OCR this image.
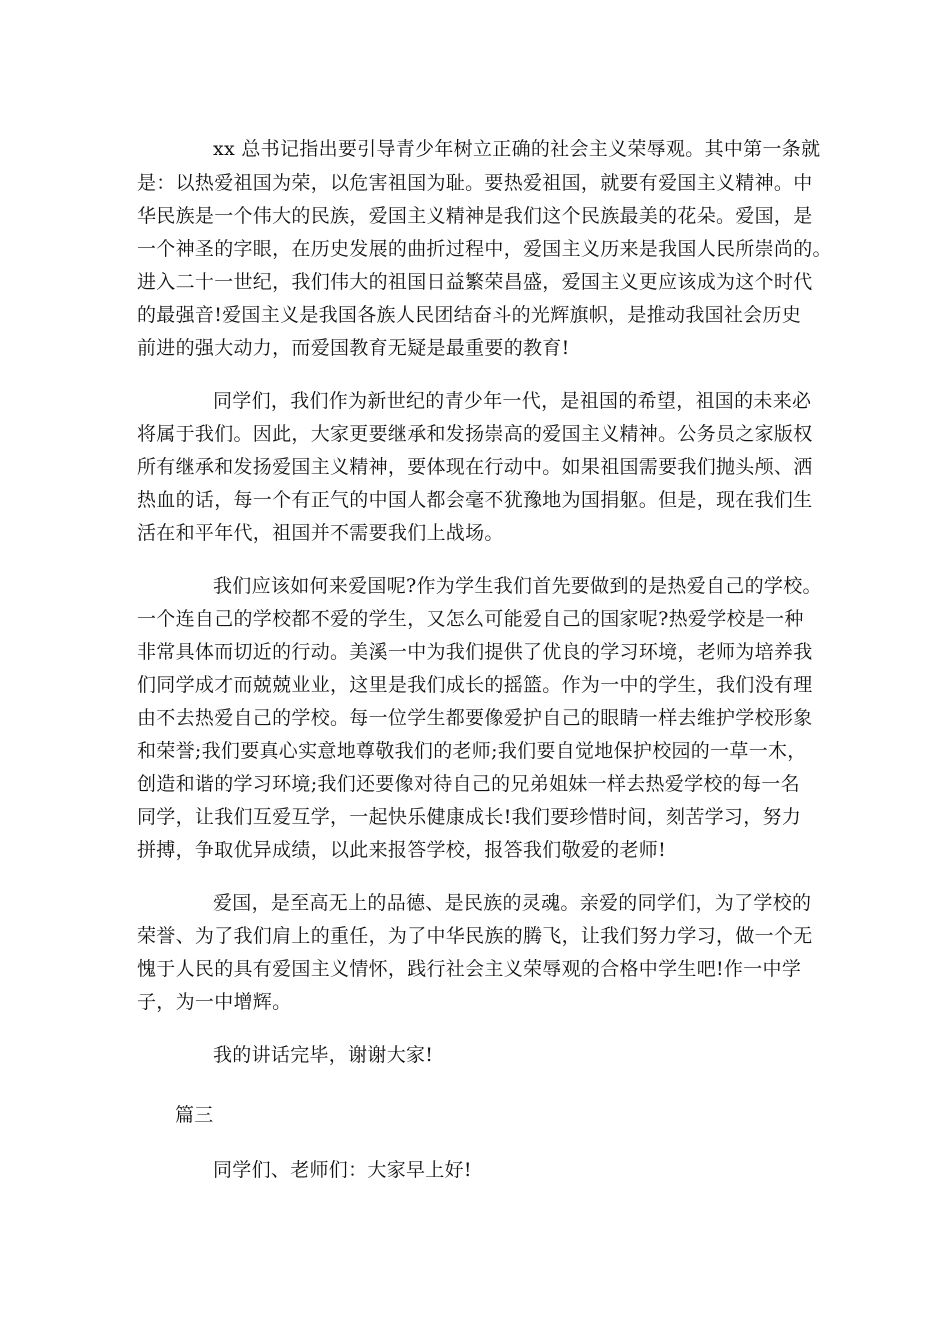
xx 总书记指出要引导青少年树立正确的社会主义荣辱观。其中第一条就
是：以热爱祖国为荣，以危害祖国为耻。要热爱祖国，就要有爱国主义精神。中
华民族是一个伟大的民族，爱国主义精神是我们这个民族最美的花朵。爱国，是
一个神圣的字眼，在历史发展的曲折过程中，爱国主义历来是我国人民所崇尚的。
进入二十一世纪，我们伟大的祖国日益繁荣昌盛，爱国主义更应该成为这个时代
的最强音!爱国主义是我国各族人民团结奋斗的光辉旗帜，是推动我国社会历史
前进的强大动力，而爱国教育无疑是最重要的教育!
同学们，我们作为新世纪的青少年一代，是祖国的希望，祖国的未来必
将属于我们。因此，大家更要继承和发扬崇高的爱国主义精神。公务员之家版权
所有继承和发扬爱国主义精神，要体现在行动中。如果祖国需要我们抛头颅、洒
热血的话，每一个有正气的中国人都会毫不犹豫地为国捐躯。但是，现在我们生
活在和平年代，祖国并不需要我们上战场。
我们应该如何来爱国呢?作为学生我们首先要做到的是热爱自己的学校。
一个连自己的学校都不爱的学生，又怎么可能爱自己的国家呢?热爱学校是一种
非常具体而切近的行动。美溪一中为我们提供了优良的学习环境，老师为培养我
们同学成才而兢兢业业，这里是我们成长的摇篮。作为一中的学生，我们没有理
由不去热爱自己的学校。每一位学生都要像爱护自己的眼睛一样去维护学校形象
和荣誉;我们要真心实意地尊敬我们的老师;我们要自觉地保护校园的一草一木，
创造和谐的学习环境;我们还要像对待自己的兄弟姐妹一样去热爱学校的每一名
同学，让我们互爱互学，一起快乐健康成长!我们要珍惜时间，刻苦学习，努力
拼搏，争取优异成绩，以此来报答学校，报答我们敬爱的老师!
爱国，是至高无上的品德、是民族的灵魂。亲爱的同学们，为了学校的
荣誉、为了我们肩上的重任，为了中华民族的腾飞，让我们努力学习，做一个无
愧于人民的具有爱国主义情怀，践行社会主义荣辱观的合格中学生吧!作一中学
子，为一中增辉。
我的讲话完毕，谢谢大家!
篇三
同学们、老师们：大家早上好!
